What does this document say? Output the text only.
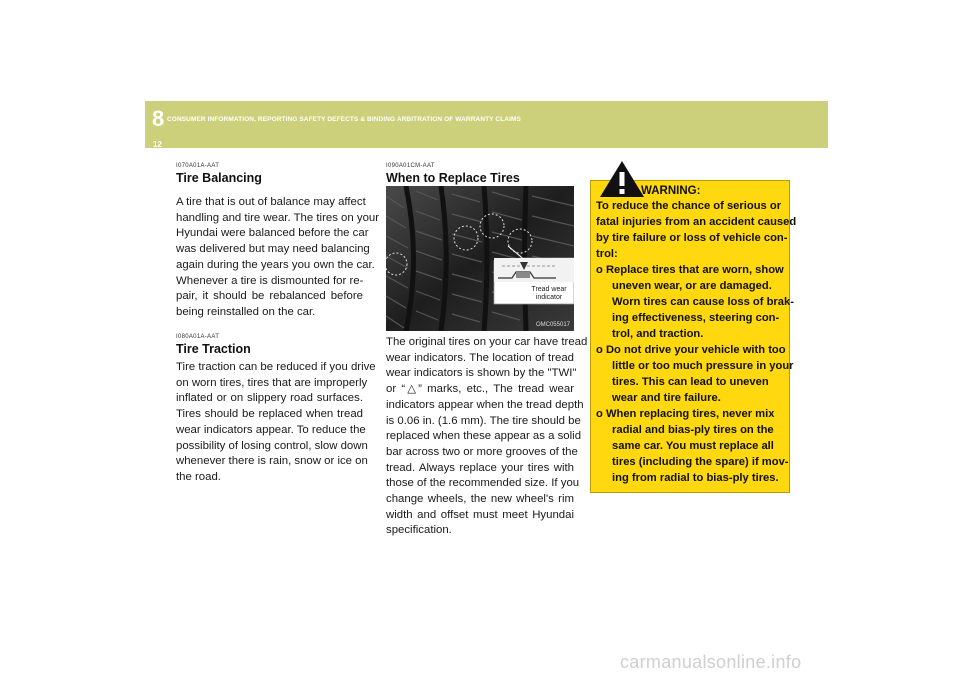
8 CONSUMER INFORMATION, REPORTING SAFETY DEFECTS & BINDING ARBITRATION OF WARRANTY CLAIMS
12
I070A01A-AAT
Tire Balancing
A tire that is out of balance may affect
handling and tire wear. The tires on your
Hyundai were balanced before the car
was delivered but may need balancing
again during the years you own the car.
Whenever a tire is dismounted for re-
pair, it should be rebalanced before
being reinstalled on the car.
I080A01A-AAT
Tire Traction
Tire traction can be reduced if you drive
on worn tires, tires that are improperly
inflated or on slippery road surfaces.
Tires should be replaced when tread
wear indicators appear. To reduce the
possibility of losing control, slow down
whenever there is rain, snow or ice on
the road.
I090A01CM-AAT
When to Replace Tires
Tread wear
indicator
OMC055017
The original tires on your car have tread
wear indicators. The location of tread
wear indicators is shown by the "TWI"
or “△” marks, etc., The tread wear
indicators appear when the tread depth
is 0.06 in. (1.6 mm). The tire should be
replaced when these appear as a solid
bar across two or more grooves of the
tread. Always replace your tires with
those of the recommended size. If you
change wheels, the new wheel's rim
width and offset must meet Hyundai
specification.
WARNING:
To reduce the chance of serious or
fatal injuries from an accident caused
by tire failure or loss of vehicle con-
trol:
o Replace tires that are worn, show
uneven wear, or are damaged.
Worn tires can cause loss of brak-
ing effectiveness, steering con-
trol, and traction.
o Do not drive your vehicle with too
little or too much pressure in your
tires. This can lead to uneven
wear and tire failure.
o When replacing tires, never mix
radial and bias-ply tires on the
same car. You must replace all
tires (including the spare) if mov-
ing from radial to bias-ply tires.
carmanualsonline.info
